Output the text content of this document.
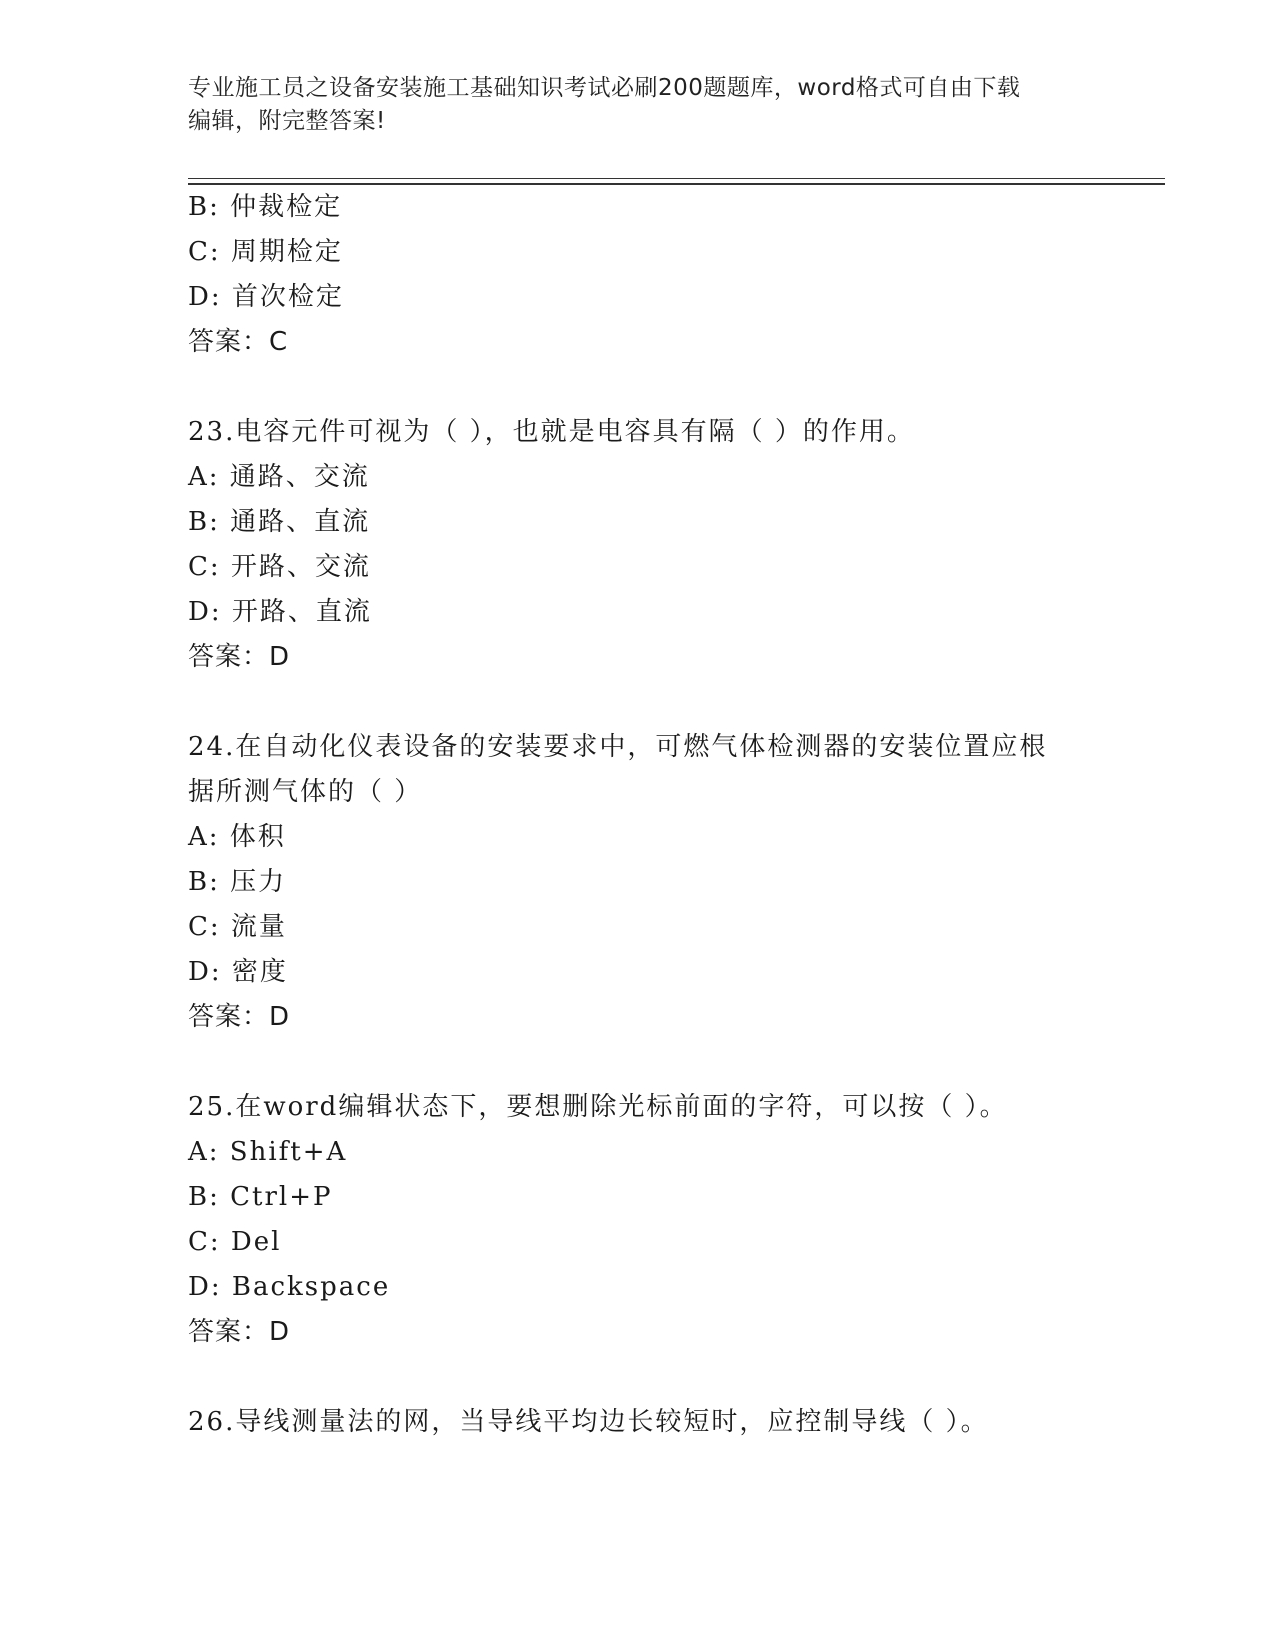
专业施工员之设备安装施工基础知识考试必刷200题题库，word格式可自由下载
编辑，附完整答案!
B: 仲裁检定
C: 周期检定
D: 首次检定
答案：C
23.电容元件可视为（ ），也就是电容具有隔（ ）的作用。
A: 通路、交流
B: 通路、直流
C: 开路、交流
D: 开路、直流
答案：D
24.在自动化仪表设备的安装要求中，可燃气体检测器的安装位置应根
据所测气体的（ ）
A: 体积
B: 压力
C: 流量
D: 密度
答案：D
25.在word编辑状态下，要想删除光标前面的字符，可以按（ ）。
A: Shift+A
B: Ctrl+P
C: Del
D: Backspace
答案：D
26.导线测量法的网，当导线平均边长较短时，应控制导线（ ）。
